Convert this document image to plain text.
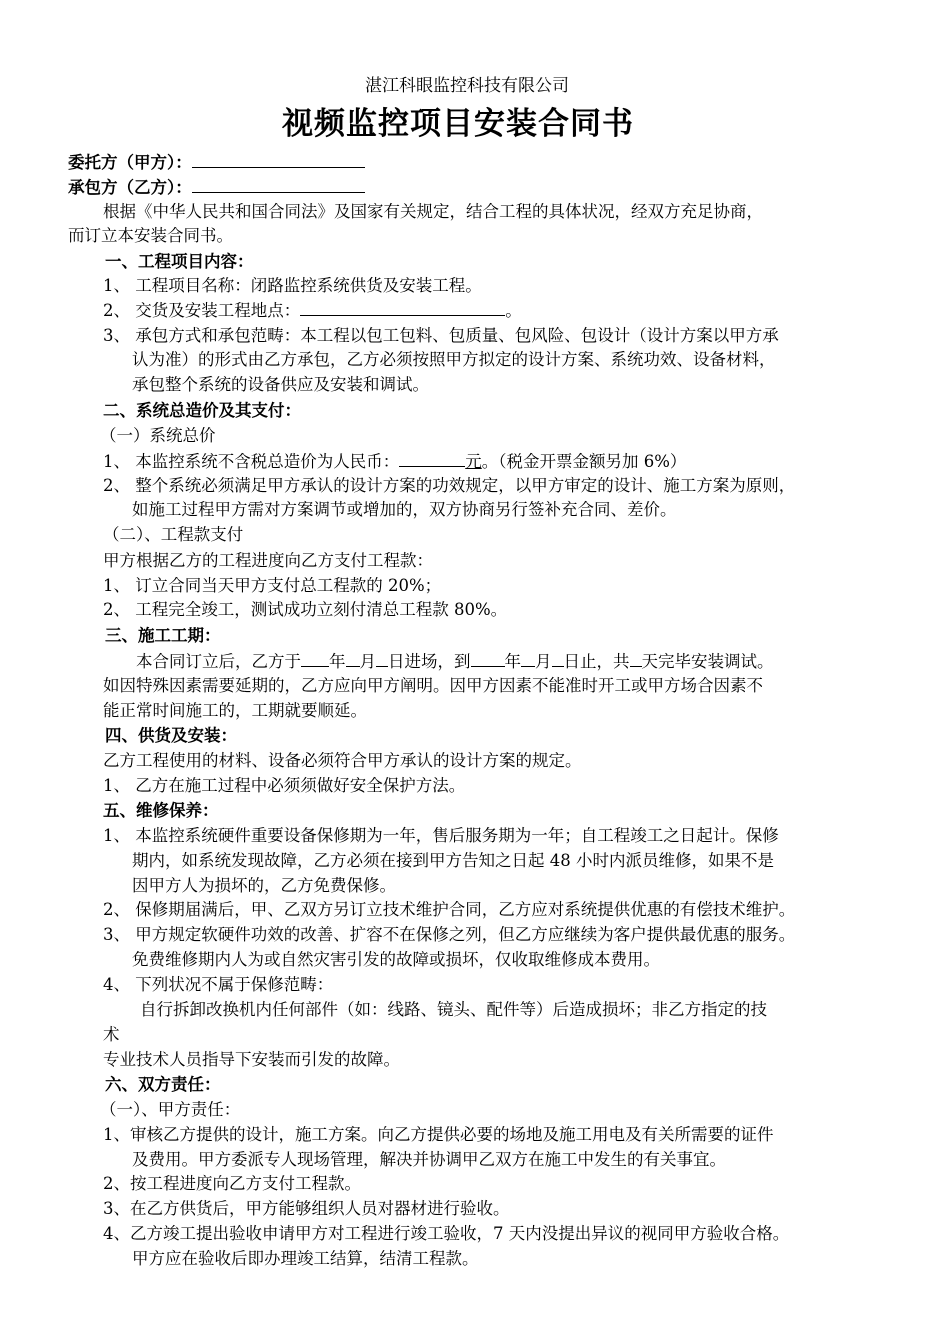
湛江科眼监控科技有限公司
视频监控项目安装合同书
委托方（甲方）：
承包方（乙方）：
根据《中华人民共和国合同法》及国家有关规定，结合工程的具体状况，经双方充足协商，
而订立本安装合同书。
一、工程项目内容：
1、 工程项目名称：闭路监控系统供货及安装工程。
2、 交货及安装工程地点：	。
3、 承包方式和承包范畴：本工程以包工包料、包质量、包风险、包设计（设计方案以甲方承
认为准）的形式由乙方承包，乙方必须按照甲方拟定的设计方案、系统功效、设备材料，
承包整个系统的设备供应及安装和调试。
二、系统总造价及其支付：
（一）系统总价
1、 本监控系统不含税总造价为人民币：	元。（税金开票金额另加 6%）
2、 整个系统必须满足甲方承认的设计方案的功效规定，以甲方审定的设计、施工方案为原则，
如施工过程甲方需对方案调节或增加的，双方协商另行签补充合同、差价。
（二）、工程款支付
甲方根据乙方的工程进度向乙方支付工程款：
1、 订立合同当天甲方支付总工程款的 20%；
2、 工程完全竣工，测试成功立刻付清总工程款 80%。
三、施工工期：
本合同订立后，乙方于 年 月 日进场，到 年 月 日止，共 天完毕安装调试。
如因特殊因素需要延期的，乙方应向甲方阐明。因甲方因素不能准时开工或甲方场合因素不
能正常时间施工的，工期就要顺延。
四、供货及安装：
乙方工程使用的材料、设备必须符合甲方承认的设计方案的规定。
1、 乙方在施工过程中必须须做好安全保护方法。
五、维修保养：
1、 本监控系统硬件重要设备保修期为一年，售后服务期为一年；自工程竣工之日起计。保修
期内，如系统发现故障，乙方必须在接到甲方告知之日起 48 小时内派员维修，如果不是
因甲方人为损坏的，乙方免费保修。
2、 保修期届满后，甲、乙双方另订立技术维护合同，乙方应对系统提供优惠的有偿技术维护。
3、 甲方规定软硬件功效的改善、扩容不在保修之列，但乙方应继续为客户提供最优惠的服务。
免费维修期内人为或自然灾害引发的故障或损坏，仅收取维修成本费用。
4、 下列状况不属于保修范畴：
自行拆卸改换机内任何部件（如：线路、镜头、配件等）后造成损坏；非乙方指定的技
术
专业技术人员指导下安装而引发的故障。
六、双方责任：
（一）、甲方责任：
1、审核乙方提供的设计，施工方案。向乙方提供必要的场地及施工用电及有关所需要的证件
及费用。甲方委派专人现场管理，解决并协调甲乙双方在施工中发生的有关事宜。
2、按工程进度向乙方支付工程款。
3、在乙方供货后，甲方能够组织人员对器材进行验收。
4、乙方竣工提出验收申请甲方对工程进行竣工验收，7 天内没提出异议的视同甲方验收合格。
甲方应在验收后即办理竣工结算，结清工程款。
